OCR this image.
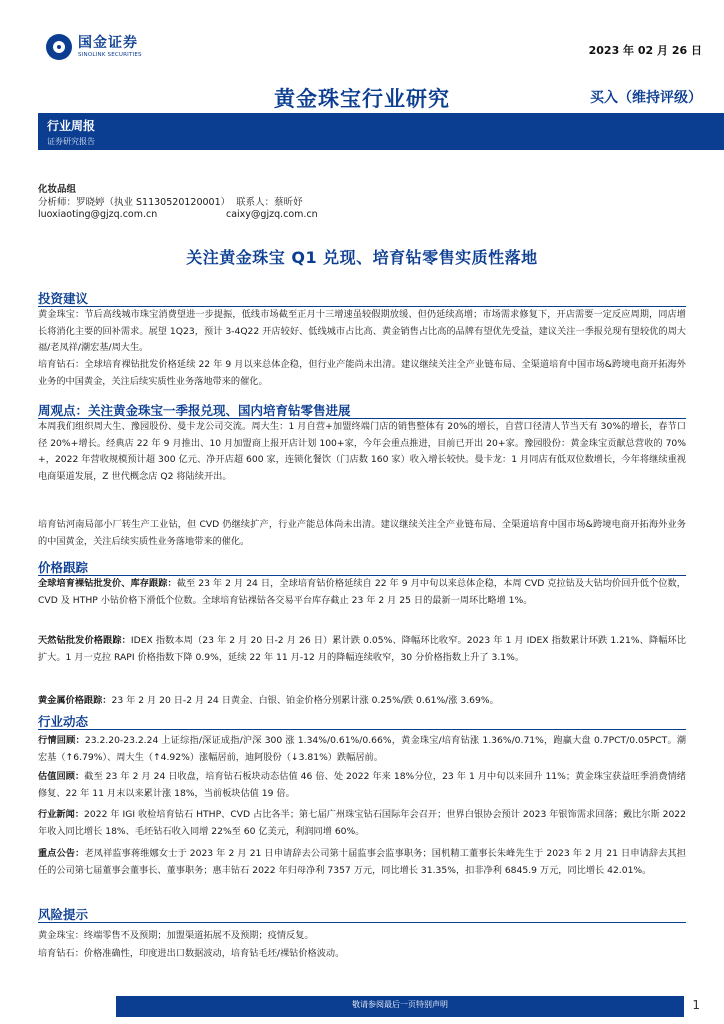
国金证券
SINOLINK SECURITIES	2023 年 02 月 26 日
黄金珠宝行业研究	买入（维持评级）
行业周报
证券研究报告
化妆品组
分析师：罗晓婷（执业 S1130520120001） 联系人：蔡昕妤
luoxiaoting@gjzq.com.cn	caixy@gjzq.com.cn
关注黄金珠宝 Q1 兑现、培育钻零售实质性落地
投资建议
黄金珠宝：节后高线城市珠宝消费望进一步提振，低线市场截至正月十三增速虽较假期放缓、但仍延续高增；市场需求修复下，开店需要一定反应周期，同店增长将消化主要的回补需求。展望 1Q23，预计 3-4Q22 开店较好、低线城市占比高、黄金销售占比高的品牌有望优先受益，建议关注一季报兑现有望较优的周大福/老凤祥/潮宏基/周大生。
培育钻石：全球培育裸钻批发价格延续 22 年 9 月以来总体企稳，但行业产能尚未出清。建议继续关注全产业链布局、全渠道培育中国市场&跨境电商开拓海外业务的中国黄金，关注后续实质性业务落地带来的催化。
周观点：关注黄金珠宝一季报兑现、国内培育钻零售进展
本周我们组织周大生、豫园股份、曼卡龙公司交流。周大生：1 月自营+加盟终端门店的销售整体有 20%的增长，自营口径清人节当天有 30%的增长，春节口径 20%+增长。经典店 22 年 9 月推出、10 月加盟商上报开店计划 100+家，今年会重点推进，目前已开出 20+家。豫园股份：黄金珠宝贡献总营收的 70%+，2022 年营收规模预计超 300 亿元、净开店超 600 家，连锁化餐饮（门店数 160 家）收入增长较快。曼卡龙：1 月同店有低双位数增长，今年将继续重视电商渠道发展，Z 世代概念店 Q2 将陆续开出。
培育钻河南局部小厂转生产工业钻，但 CVD 仍继续扩产，行业产能总体尚未出清。建议继续关注全产业链布局、全渠道培育中国市场&跨境电商开拓海外业务的中国黄金，关注后续实质性业务落地带来的催化。
价格跟踪
全球培育裸钻批发价、库存跟踪：截至 23 年 2 月 24 日，全球培育钻价格延续自 22 年 9 月中旬以来总体企稳，本周 CVD 克拉钻及大钻均价回升低个位数，CVD 及 HTHP 小钻价格下滑低个位数。全球培育钻裸钻各交易平台库存截止 23 年 2 月 25 日的最新一周环比略增 1%。
天然钻批发价格跟踪：IDEX 指数本周（23 年 2 月 20 日-2 月 26 日）累计跌 0.05%、降幅环比收窄。2023 年 1 月 IDEX 指数累计环跌 1.21%、降幅环比扩大。1 月一克拉 RAPI 价格指数下降 0.9%，延续 22 年 11 月-12 月的降幅连续收窄，30 分价格指数上升了 3.1%。
黄金属价格跟踪：23 年 2 月 20 日-2 月 24 日黄金、白银、铂金价格分别累计涨 0.25%/跌 0.61%/涨 3.69%。
行业动态
行情回顾：23.2.20-23.2.24 上证综指/深证成指/沪深 300 涨 1.34%/0.61%/0.66%，黄金珠宝/培育钻涨 1.36%/0.71%，跑赢大盘 0.7PCT/0.05PCT。潮宏基（↑6.79%）、周大生（↑4.92%）涨幅居前，迪阿股份（↓3.81%）跌幅居前。
估值回顾：截至 23 年 2 月 24 日收盘，培育钻石板块动态估值 46 倍、处 2022 年来 18%分位，23 年 1 月中旬以来回升 11%；黄金珠宝获益旺季消费情绪修复、22 年 11 月末以来累计涨 18%，当前板块估值 19 倍。
行业新闻：2022 年 IGI 收检培育钻石 HTHP、CVD 占比各半；第七届广州珠宝钻石国际年会召开；世界白银协会预计 2023 年银饰需求回落；戴比尔斯 2022 年收入同比增长 18%、毛坯钻石收入同增 22%至 60 亿美元，利润同增 60%。
重点公告：老凤祥监事蒋维娜女士于 2023 年 2 月 21 日申请辞去公司第十届监事会监事职务；国机精工董事长朱峰先生于 2023 年 2 月 21 日申请辞去其担任的公司第七届董事会董事长、董事职务；惠丰钻石 2022 年归母净利 7357 万元，同比增长 31.35%，扣非净利 6845.9 万元，同比增长 42.01%。
风险提示
黄金珠宝：终端零售不及预期；加盟渠道拓展不及预期；疫情反复。
培育钻石：价格准确性，印度进出口数据波动，培育钻毛坯/裸钻价格波动。
敬请参阅最后一页特别声明	1
